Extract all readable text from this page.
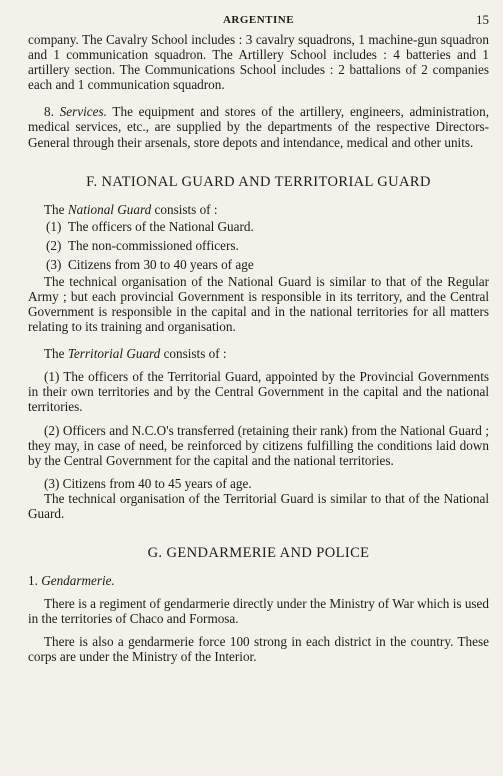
ARGENTINE	15

company. The Cavalry School includes : 3 cavalry squadrons, 1 machine-gun squadron and 1 communication squadron. The Artillery School includes : 4 batteries and 1 artillery section. The Communications School includes : 2 battalions of 2 companies each and 1 communication squadron.

8. Services. The equipment and stores of the artillery, engineers, administration, medical services, etc., are supplied by the departments of the respective Directors-General through their arsenals, store depots and intendance, medical and other units.

F. NATIONAL GUARD AND TERRITORIAL GUARD

The National Guard consists of :

(1) The officers of the National Guard.
(2) The non-commissioned officers.
(3) Citizens from 30 to 40 years of age

The technical organisation of the National Guard is similar to that of the Regular Army ; but each provincial Government is responsible in its territory, and the Central Government is responsible in the capital and in the national territories for all matters relating to its training and organisation.

The Territorial Guard consists of :

(1) The officers of the Territorial Guard, appointed by the Provincial Governments in their own territories and by the Central Government in the capital and the national territories.

(2) Officers and N.C.O's transferred (retaining their rank) from the National Guard ; they may, in case of need, be reinforced by citizens fulfilling the conditions laid down by the Central Government for the capital and the national territories.

(3) Citizens from 40 to 45 years of age.

The technical organisation of the Territorial Guard is similar to that of the National Guard.

G. GENDARMERIE AND POLICE

1. Gendarmerie.

There is a regiment of gendarmerie directly under the Ministry of War which is used in the territories of Chaco and Formosa.

There is also a gendarmerie force 100 strong in each district in the country. These corps are under the Ministry of the Interior.
